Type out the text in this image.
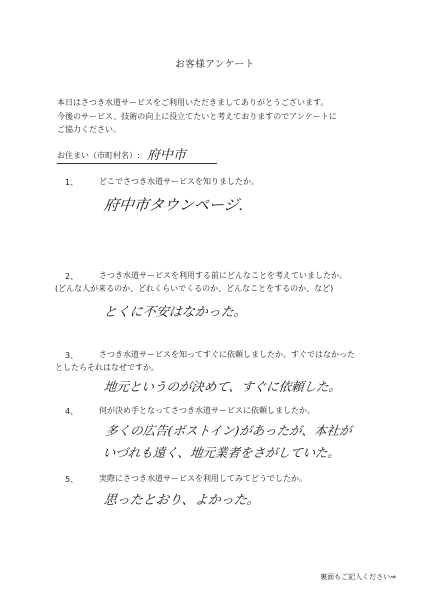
お客様アンケート

本日はさつき水道サービスをご利用いただきましてありがとうございます。
今後のサービス、技術の向上に役立てたいと考えておりますのでアンケートに
ご協力ください。

お住まい（市町村名）: 府中市
1、	どこでさつき水道サービスを知りましたか。
府中市タウンページ.
2、	さつき水道サービスを利用する前にどんなことを考えていましたか。
(どんな人が来るのか、どれくらいでくるのか、どんなことをするのか、など)
とくに不安はなかった。
3、	さつき水道サービスを知ってすぐに依頼しましたか。すぐではなかった
としたらそれはなぜですか。
地元というのが決めて、すぐに依頼した。
4、	何が決め手となってさつき水道サービスに依頼しましたか。
多くの広告(ポストイン)があったが、本社が
いづれも遠く、地元業者をさがしていた。
5、	実際にさつき水道サービスを利用してみてどうでしたか。
思ったとおり、よかった。
裏面もご記入ください⇒
